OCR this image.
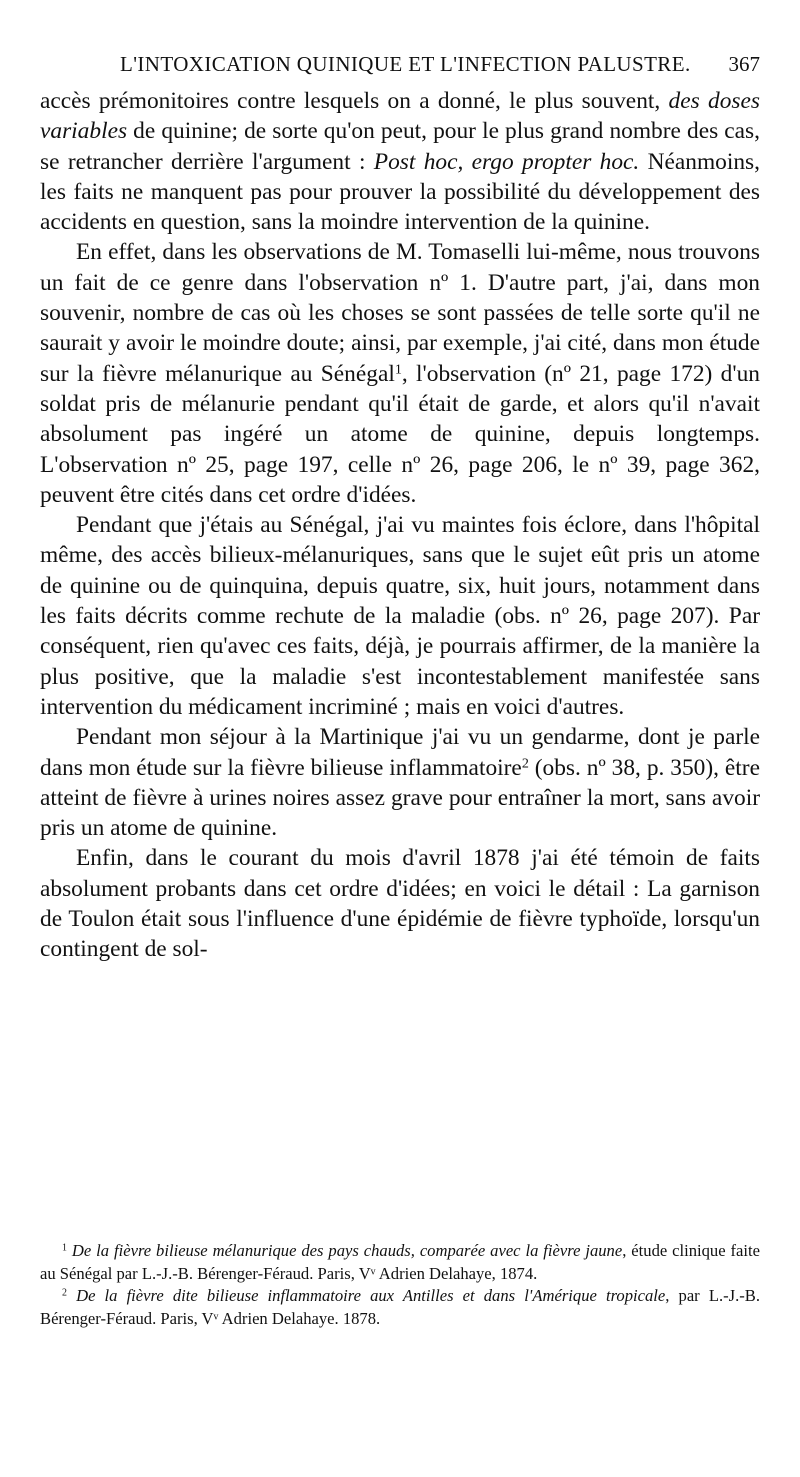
L'INTOXICATION QUINIQUE ET L'INFECTION PALUSTRE. 367

accès prémonitoires contre lesquels on a donné, le plus souvent, des doses variables de quinine; de sorte qu'on peut, pour le plus grand nombre des cas, se retrancher derrière l'argument : Post hoc, ergo propter hoc. Néanmoins, les faits ne manquent pas pour prouver la possibilité du développement des accidents en question, sans la moindre intervention de la quinine.

En effet, dans les observations de M. Tomaselli lui-même, nous trouvons un fait de ce genre dans l'observation nº 1. D'autre part, j'ai, dans mon souvenir, nombre de cas où les choses se sont passées de telle sorte qu'il ne saurait y avoir le moindre doute; ainsi, par exemple, j'ai cité, dans mon étude sur la fièvre mélanurique au Sénégal$^1$, l'observation (nº 21, page 172) d'un soldat pris de mélanurie pendant qu'il était de garde, et alors qu'il n'avait absolument pas ingéré un atome de quinine, depuis longtemps. L'observation nº 25, page 197, celle nº 26, page 206, le nº 39, page 362, peuvent être cités dans cet ordre d'idées.

Pendant que j'étais au Sénégal, j'ai vu maintes fois éclore, dans l'hôpital même, des accès bilieux-mélanuriques, sans que le sujet eût pris un atome de quinine ou de quinquina, depuis quatre, six, huit jours, notamment dans les faits décrits comme rechute de la maladie (obs. nº 26, page 207). Par conséquent, rien qu'avec ces faits, déjà, je pourrais affirmer, de la manière la plus positive, que la maladie s'est incontestablement manifestée sans intervention du médicament incriminé ; mais en voici d'autres.

Pendant mon séjour à la Martinique j'ai vu un gendarme, dont je parle dans mon étude sur la fièvre bilieuse inflammatoire$^2$ (obs. nº 38, p. 350), être atteint de fièvre à urines noires assez grave pour entraîner la mort, sans avoir pris un atome de quinine.

Enfin, dans le courant du mois d'avril 1878 j'ai été témoin de faits absolument probants dans cet ordre d'idées; en voici le détail : La garnison de Toulon était sous l'influence d'une épidémie de fièvre typhoïde, lorsqu'un contingent de sol-

$^1$ De la fièvre bilieuse mélanurique des pays chauds, comparée avec la fièvre jaune, étude clinique faite au Sénégal par L.-J.-B. Bérenger-Féraud. Paris, Vᵛ Adrien Delahaye, 1874.

$^2$ De la fièvre dite bilieuse inflammatoire aux Antilles et dans l'Amérique tropicale, par L.-J.-B. Bérenger-Féraud. Paris, Vᵛ Adrien Delahaye. 1878.
